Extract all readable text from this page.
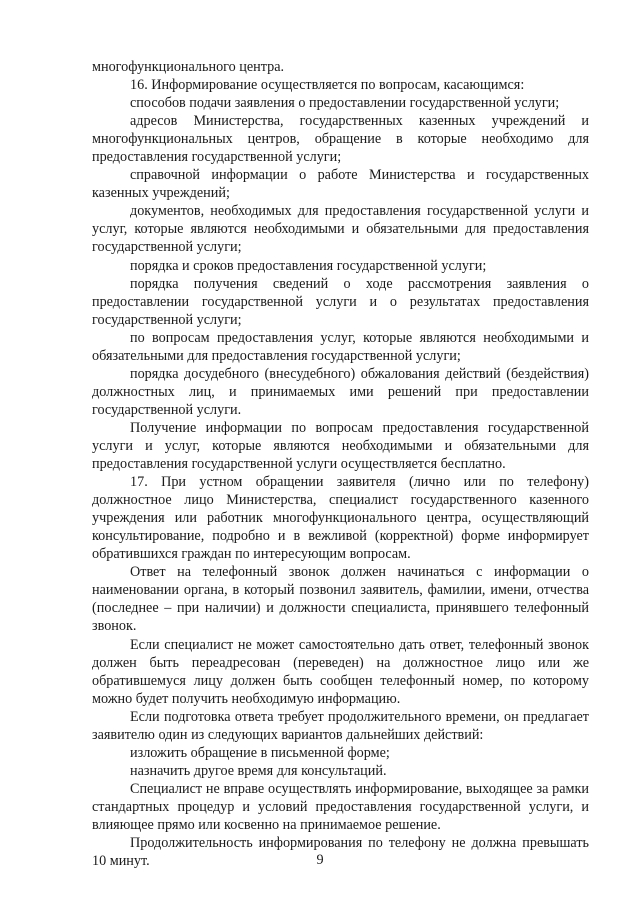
многофункционального центра.

16. Информирование осуществляется по вопросам, касающимся:

способов подачи заявления о предоставлении государственной услуги;

адресов Министерства, государственных казенных учреждений и многофункциональных центров, обращение в которые необходимо для предоставления государственной услуги;

справочной информации о работе Министерства и государственных казенных учреждений;

документов, необходимых для предоставления государственной услуги и услуг, которые являются необходимыми и обязательными для предоставления государственной услуги;

порядка и сроков предоставления государственной услуги;

порядка получения сведений о ходе рассмотрения заявления о предоставлении государственной услуги и о результатах предоставления государственной услуги;

по вопросам предоставления услуг, которые являются необходимыми и обязательными для предоставления государственной услуги;

порядка досудебного (внесудебного) обжалования действий (бездействия) должностных лиц, и принимаемых ими решений при предоставлении государственной услуги.

Получение информации по вопросам предоставления государственной услуги и услуг, которые являются необходимыми и обязательными для предоставления государственной услуги осуществляется бесплатно.

17. При устном обращении заявителя (лично или по телефону) должностное лицо Министерства, специалист государственного казенного учреждения или работник многофункционального центра, осуществляющий консультирование, подробно и в вежливой (корректной) форме информирует обратившихся граждан по интересующим вопросам.

Ответ на телефонный звонок должен начинаться с информации о наименовании органа, в который позвонил заявитель, фамилии, имени, отчества (последнее – при наличии) и должности специалиста, принявшего телефонный звонок.

Если специалист не может самостоятельно дать ответ, телефонный звонок должен быть переадресован (переведен) на должностное лицо или же обратившемуся лицу должен быть сообщен телефонный номер, по которому можно будет получить необходимую информацию.

Если подготовка ответа требует продолжительного времени, он предлагает заявителю один из следующих вариантов дальнейших действий:

изложить обращение в письменной форме;

назначить другое время для консультаций.

Специалист не вправе осуществлять информирование, выходящее за рамки стандартных процедур и условий предоставления государственной услуги, и влияющее прямо или косвенно на принимаемое решение.

Продолжительность информирования по телефону не должна превышать 10 минут.	9
